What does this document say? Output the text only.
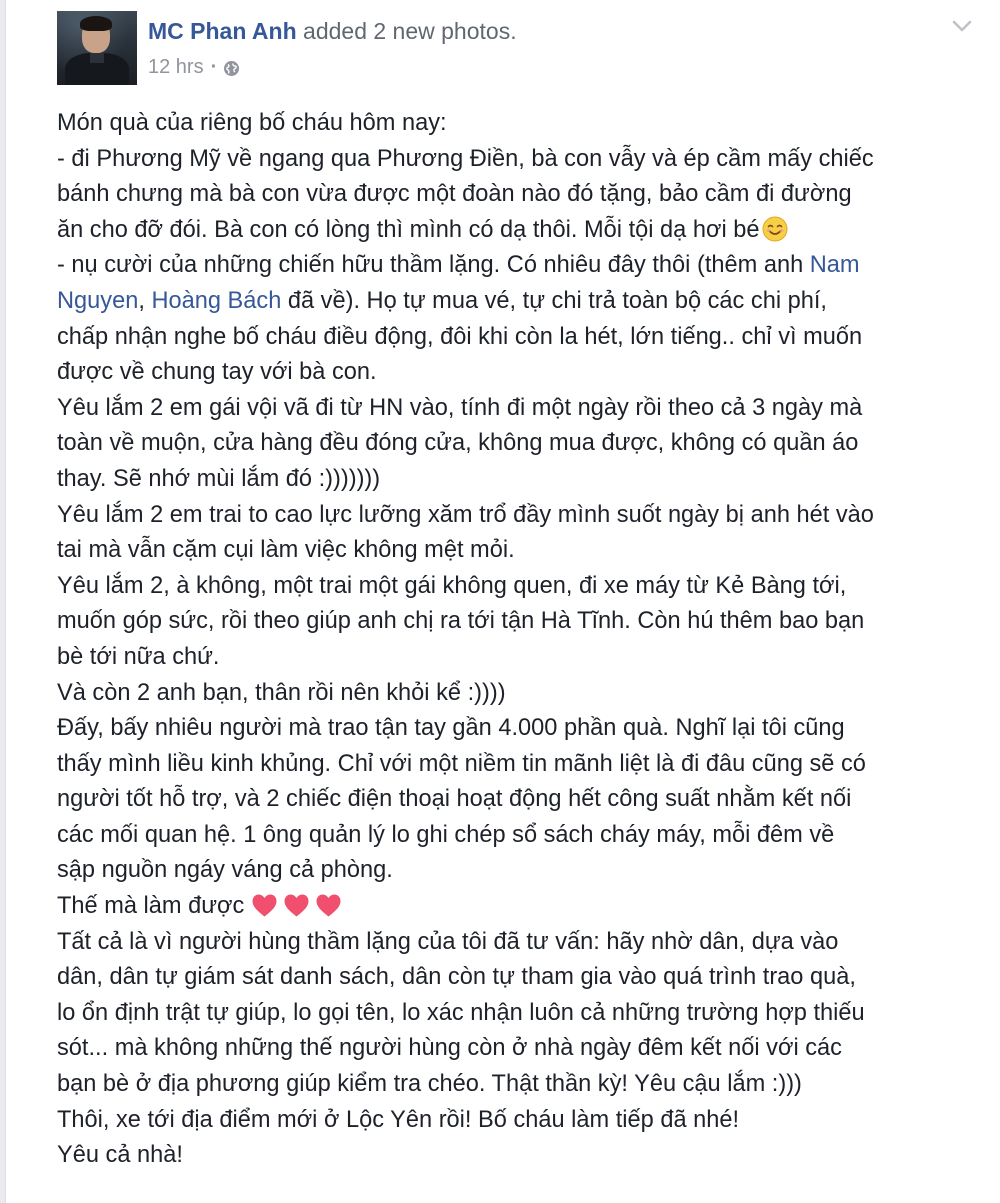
MC Phan Anh added 2 new photos.
12 hrs ·
Món quà của riêng bố cháu hôm nay:
- đi Phương Mỹ về ngang qua Phương Điền, bà con vẫy và ép cầm mấy chiếc
bánh chưng mà bà con vừa được một đoàn nào đó tặng, bảo cầm đi đường
ăn cho đỡ đói. Bà con có lòng thì mình có dạ thôi. Mỗi tội dạ hơi bé
- nụ cười của những chiến hữu thầm lặng. Có nhiêu đây thôi (thêm anh Nam
Nguyen, Hoàng Bách đã về). Họ tự mua vé, tự chi trả toàn bộ các chi phí,
chấp nhận nghe bố cháu điều động, đôi khi còn la hét, lớn tiếng.. chỉ vì muốn
được về chung tay với bà con.
Yêu lắm 2 em gái vội vã đi từ HN vào, tính đi một ngày rồi theo cả 3 ngày mà
toàn về muộn, cửa hàng đều đóng cửa, không mua được, không có quần áo
thay. Sẽ nhớ mùi lắm đó :)))))))
Yêu lắm 2 em trai to cao lực lưỡng xăm trổ đầy mình suốt ngày bị anh hét vào
tai mà vẫn cặm cụi làm việc không mệt mỏi.
Yêu lắm 2, à không, một trai một gái không quen, đi xe máy từ Kẻ Bàng tới,
muốn góp sức, rồi theo giúp anh chị ra tới tận Hà Tĩnh. Còn hú thêm bao bạn
bè tới nữa chứ.
Và còn 2 anh bạn, thân rồi nên khỏi kể :))))
Đấy, bấy nhiêu người mà trao tận tay gần 4.000 phần quà. Nghĩ lại tôi cũng
thấy mình liều kinh khủng. Chỉ với một niềm tin mãnh liệt là đi đâu cũng sẽ có
người tốt hỗ trợ, và 2 chiếc điện thoại hoạt động hết công suất nhằm kết nối
các mối quan hệ. 1 ông quản lý lo ghi chép sổ sách cháy máy, mỗi đêm về
sập nguồn ngáy váng cả phòng.
Thế mà làm được
Tất cả là vì người hùng thầm lặng của tôi đã tư vấn: hãy nhờ dân, dựa vào
dân, dân tự giám sát danh sách, dân còn tự tham gia vào quá trình trao quà,
lo ổn định trật tự giúp, lo gọi tên, lo xác nhận luôn cả những trường hợp thiếu
sót... mà không những thế người hùng còn ở nhà ngày đêm kết nối với các
bạn bè ở địa phương giúp kiểm tra chéo. Thật thần kỳ! Yêu cậu lắm :)))
Thôi, xe tới địa điểm mới ở Lộc Yên rồi! Bố cháu làm tiếp đã nhé!
Yêu cả nhà!
